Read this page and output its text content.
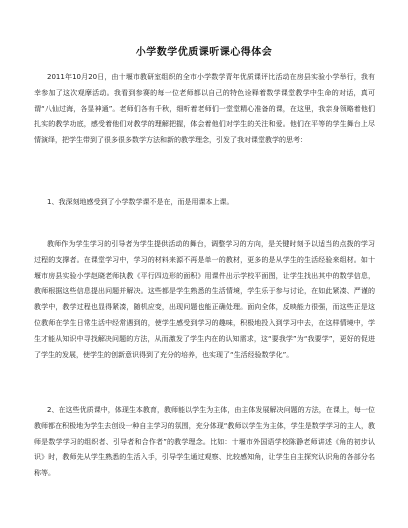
小学数学优质课听课心得体会

2011年10月20日，由十堰市教研室组织的全市小学数学青年优质课评比活动在房县实验小学举行，我有幸参加了这次观摩活动。我看到参赛的每一位老师都以自己的特色诠释着数学课堂教学中生命的对话，真可谓“八仙过海，各显神通”。老师们各有千秋，细听着老师们一堂堂精心准备的课，在这里，我亲身领略着他们扎实的教学功底，感受着他们对教学的理解把握，体会着他们对学生的关注和爱。他们在平等的学生舞台上尽情演绎，把学生带到了很多很多数学方法和新的教学理念，引发了我对课堂教学的思考：

1、我深刻地感受到了小学数学课不是在，而是用课本上课。

教师作为学生学习的引导者为学生提供活动的舞台，调整学习的方向，是关键时刻予以适当的点拨的学习过程的支撑者。在课堂学习中，学习的材料来源不再是单一的教材，更多的是从学生的生活经验来组材。如十堰市房县实验小学赵晓老师执教《平行四边形的面积》用课件出示学校平面图，让学生找出其中的数学信息，教师根据这些信息提出问题并解决。这些都是学生熟悉的生活情境，学生乐于参与讨论，在如此紧凑、严谨的教学中，教学过程也显得紧凑，随机应变，出现问题也能正确处理。面向全体，反映能力很强，而这些正是这位教师在学生日常生活中经常遇到的，使学生感受到学习的趣味，积极地投入到学习中去，在这样情境中，学生才能从知识中寻找解决问题的方法，从而激发了学生内在的认知需求，这“要我学”为“我要学”，更好的促进了学生的发展，使学生的创新意识得到了充分的培养，也实现了“生活经验数学化”。

2、在这些优质课中，体现生本教育，教师能以学生为主体，由主体发展解决问题的方法，在课上，每一位教师都在积极地为学生去创设一种自主学习的氛围，充分体现“教师以学生为主体，学生是数学学习的主人，教师是数学学习的组织者、引导者和合作者”的教学理念。比如：十堰市外国语学校陈静老师讲述《角的初步认识》时，教师先从学生熟悉的生活入手，引导学生通过观察、比较感知角，让学生自主探究认识角的各部分名称等。
